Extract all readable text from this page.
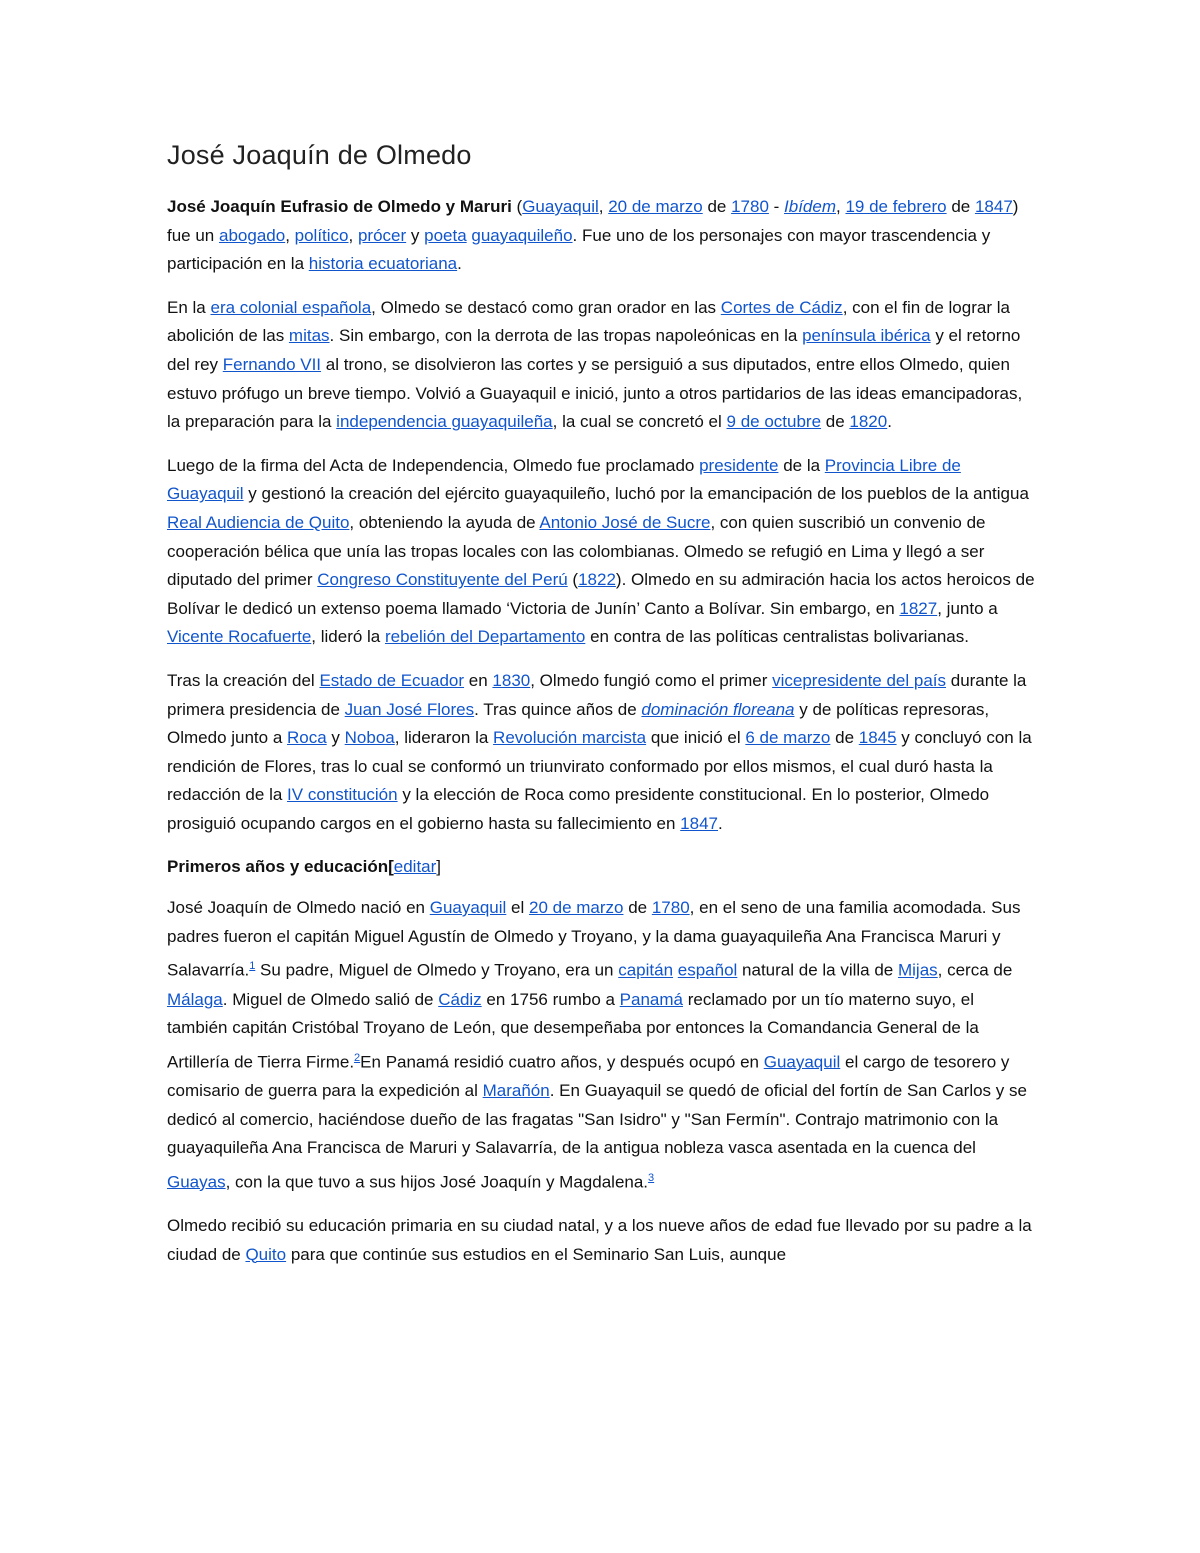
José Joaquín de Olmedo

José Joaquín Eufrasio de Olmedo y Maruri (Guayaquil, 20 de marzo de 1780 - Ibídem, 19 de febrero de 1847) fue un abogado, político, prócer y poeta guayaquileño. Fue uno de los personajes con mayor trascendencia y participación en la historia ecuatoriana.

En la era colonial española, Olmedo se destacó como gran orador en las Cortes de Cádiz, con el fin de lograr la abolición de las mitas. Sin embargo, con la derrota de las tropas napoleónicas en la península ibérica y el retorno del rey Fernando VII al trono, se disolvieron las cortes y se persiguió a sus diputados, entre ellos Olmedo, quien estuvo prófugo un breve tiempo. Volvió a Guayaquil e inició, junto a otros partidarios de las ideas emancipadoras, la preparación para la independencia guayaquileña, la cual se concretó el 9 de octubre de 1820.

Luego de la firma del Acta de Independencia, Olmedo fue proclamado presidente de la Provincia Libre de Guayaquil y gestionó la creación del ejército guayaquileño, luchó por la emancipación de los pueblos de la antigua Real Audiencia de Quito, obteniendo la ayuda de Antonio José de Sucre, con quien suscribió un convenio de cooperación bélica que unía las tropas locales con las colombianas. Olmedo se refugió en Lima y llegó a ser diputado del primer Congreso Constituyente del Perú (1822). Olmedo en su admiración hacia los actos heroicos de Bolívar le dedicó un extenso poema llamado ‘Victoria de Junín’ Canto a Bolívar. Sin embargo, en 1827, junto a Vicente Rocafuerte, lideró la rebelión del Departamento en contra de las políticas centralistas bolivarianas.

Tras la creación del Estado de Ecuador en 1830, Olmedo fungió como el primer vicepresidente del país durante la primera presidencia de Juan José Flores. Tras quince años de dominación floreana y de políticas represoras, Olmedo junto a Roca y Noboa, lideraron la Revolución marcista que inició el 6 de marzo de 1845 y concluyó con la rendición de Flores, tras lo cual se conformó un triunvirato conformado por ellos mismos, el cual duró hasta la redacción de la IV constitución y la elección de Roca como presidente constitucional. En lo posterior, Olmedo prosiguió ocupando cargos en el gobierno hasta su fallecimiento en 1847.

Primeros años y educación[editar]

José Joaquín de Olmedo nació en Guayaquil el 20 de marzo de 1780, en el seno de una familia acomodada. Sus padres fueron el capitán Miguel Agustín de Olmedo y Troyano, y la dama guayaquileña Ana Francisca Maruri y Salavarría.$^1$ Su padre, Miguel de Olmedo y Troyano, era un capitán español natural de la villa de Mijas, cerca de Málaga. Miguel de Olmedo salió de Cádiz en 1756 rumbo a Panamá reclamado por un tío materno suyo, el también capitán Cristóbal Troyano de León, que desempeñaba por entonces la Comandancia General de la Artillería de Tierra Firme.$^2$En Panamá residió cuatro años, y después ocupó en Guayaquil el cargo de tesorero y comisario de guerra para la expedición al Marañón. En Guayaquil se quedó de oficial del fortín de San Carlos y se dedicó al comercio, haciéndose dueño de las fragatas "San Isidro" y "San Fermín". Contrajo matrimonio con la guayaquileña Ana Francisca de Maruri y Salavarría, de la antigua nobleza vasca asentada en la cuenca del Guayas, con la que tuvo a sus hijos José Joaquín y Magdalena.$^3$

Olmedo recibió su educación primaria en su ciudad natal, y a los nueve años de edad fue llevado por su padre a la ciudad de Quito para que continúe sus estudios en el Seminario San Luis, aunque
